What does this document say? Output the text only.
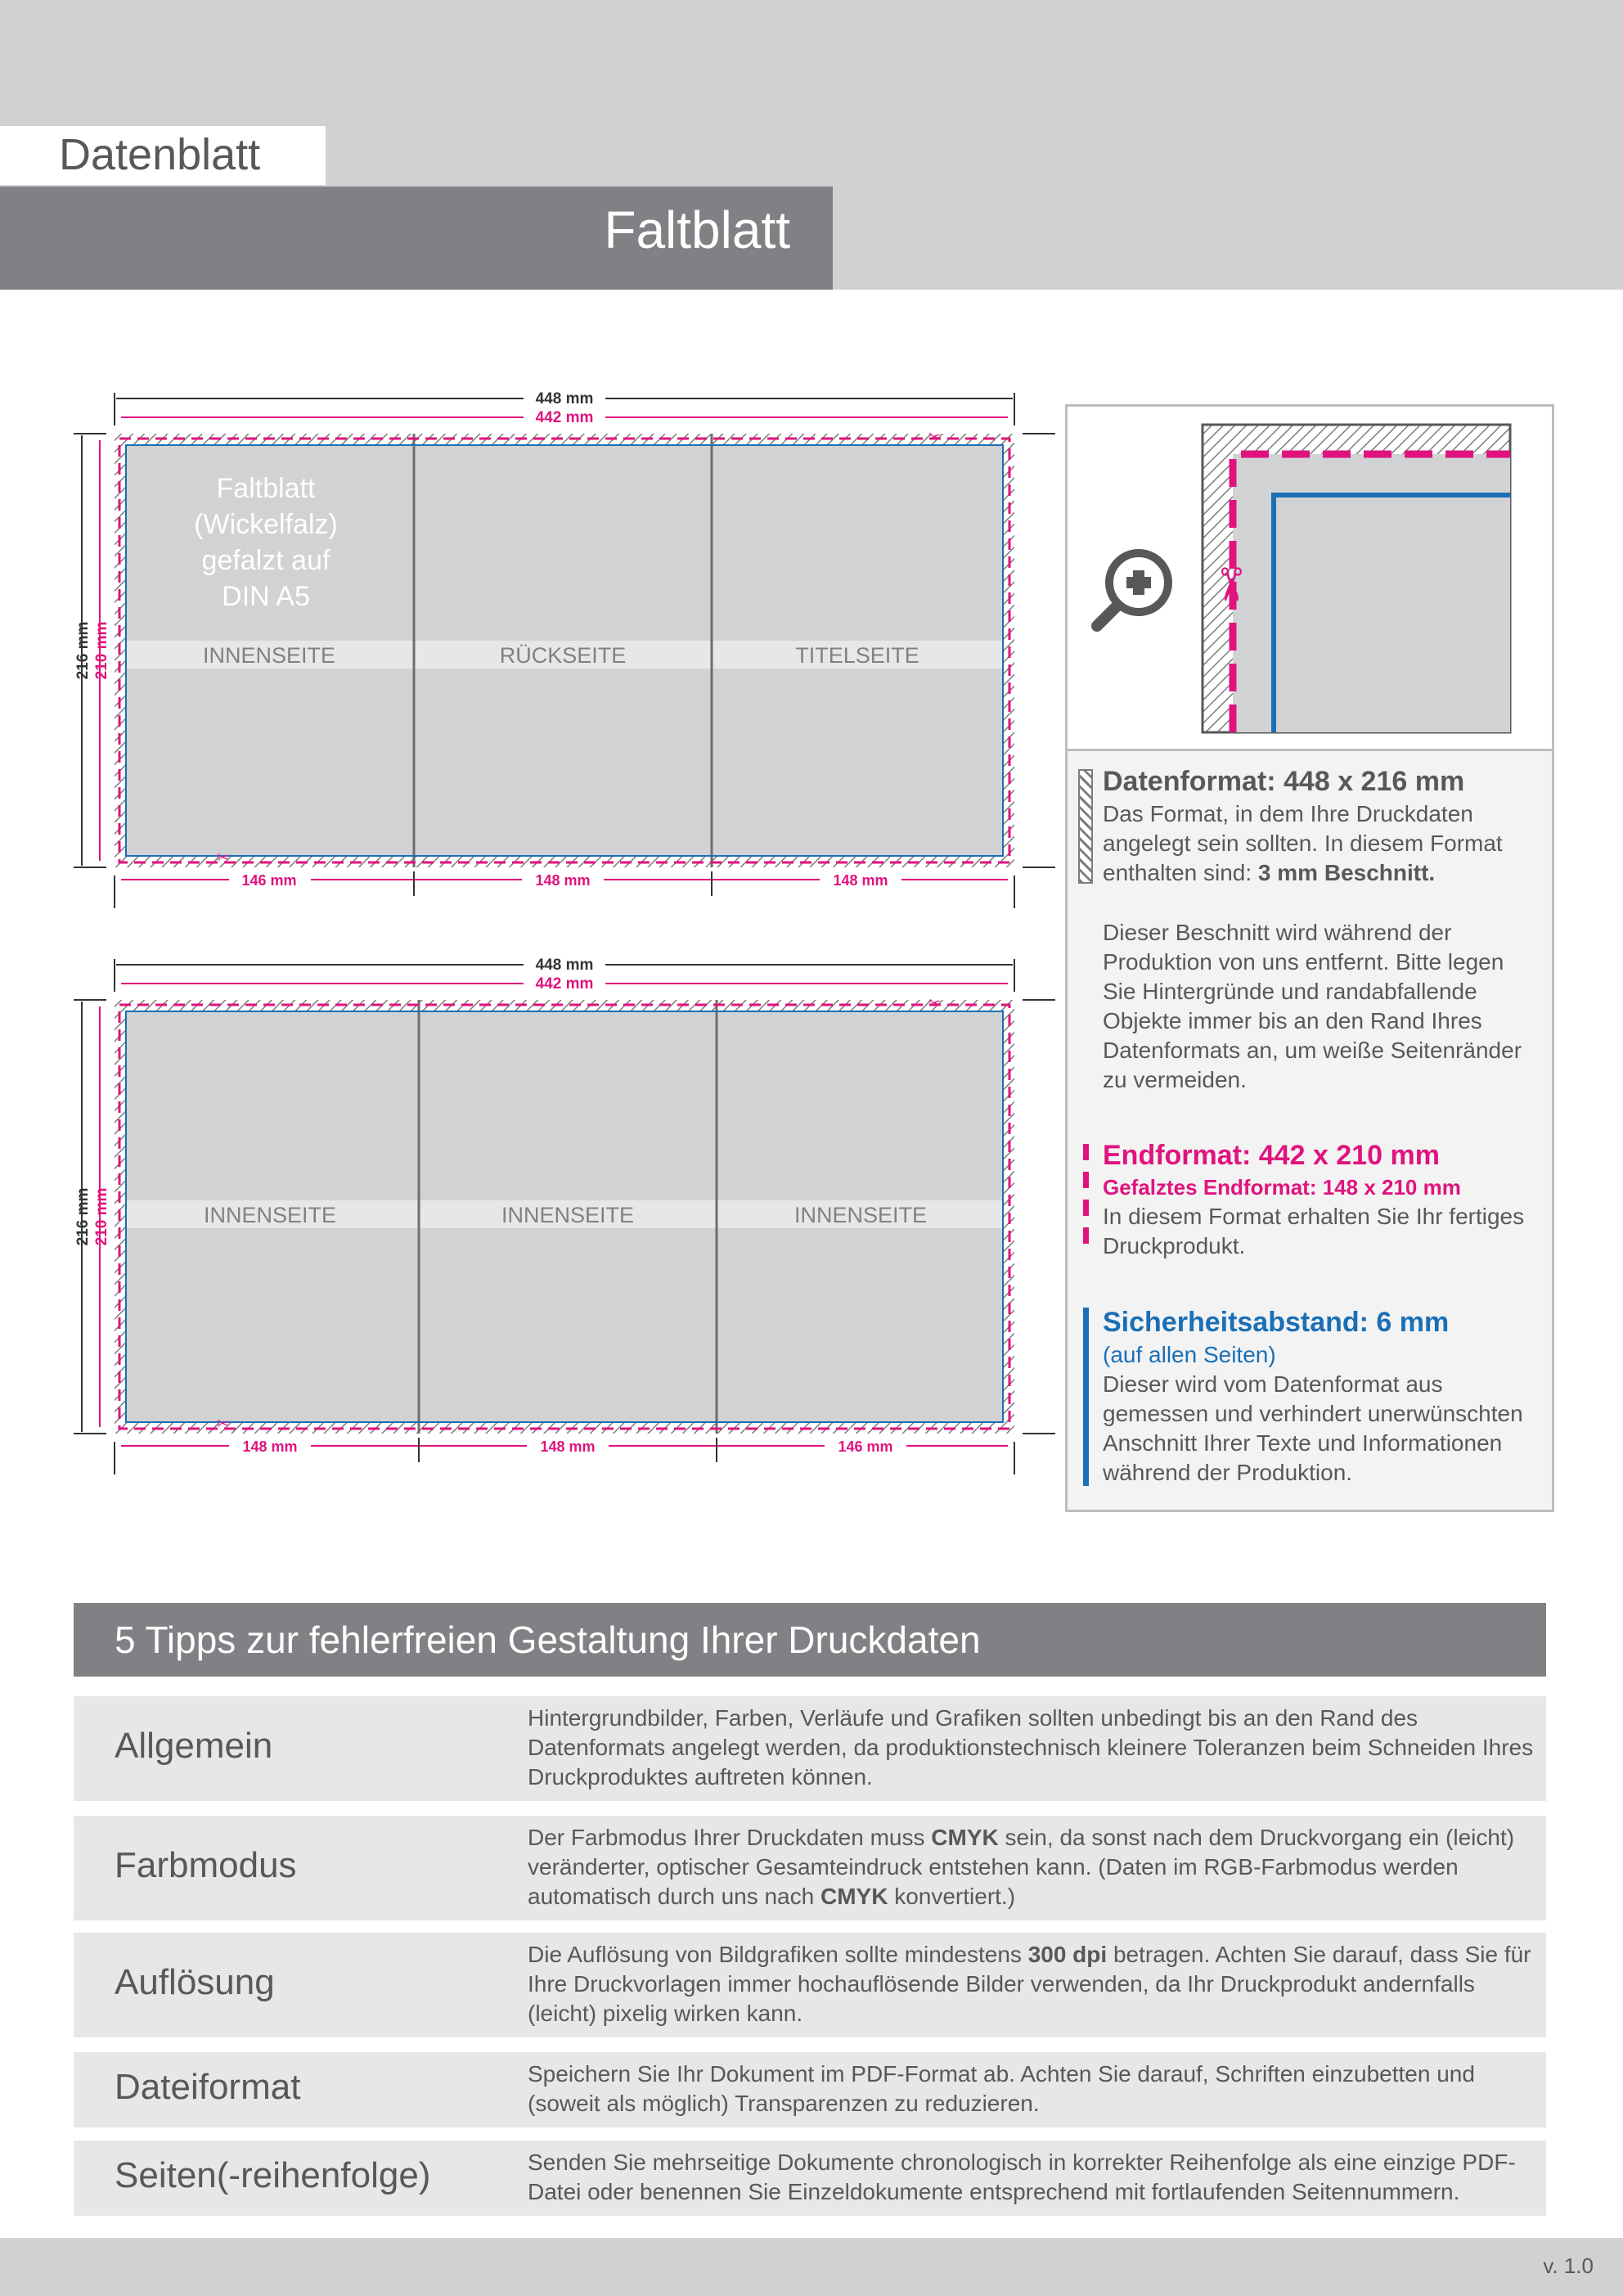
Datenblatt
Faltblatt
448 mm
442 mm
216 mm 210 mm
146 mm	148 mm	148 mm
✂
✂
Faltblatt
(Wickelfalz)
gefalzt auf
DIN A5
INNENSEITE	RÜCKSEITE	TITELSEITE
448 mm
442 mm
216 mm 210 mm
148 mm	148 mm	146 mm
✂
✂
INNENSEITE	INNENSEITE	INNENSEITE
✂
Datenformat: 448 x 216 mm
Das Format, in dem Ihre Druckdaten angelegt sein sollten. In diesem Format enthalten sind: 3 mm Beschnitt.
Dieser Beschnitt wird während der Produktion von uns entfernt. Bitte legen Sie Hintergründe und randabfallende Objekte immer bis an den Rand Ihres Datenformats an, um weiße Seitenränder zu vermeiden.
Endformat: 442 x 210 mm
Gefalztes Endformat: 148 x 210 mm
In diesem Format erhalten Sie Ihr fertiges Druckprodukt.
Sicherheitsabstand: 6 mm
(auf allen Seiten)
Dieser wird vom Datenformat aus gemessen und verhindert unerwünschten Anschnitt Ihrer Texte und Informationen während der Produktion.
5 Tipps zur fehlerfreien Gestaltung Ihrer Druckdaten
Allgemein
Hintergrundbilder, Farben, Verläufe und Grafiken sollten unbedingt bis an den Rand des Datenformats angelegt werden, da produktionstechnisch kleinere Toleranzen beim Schneiden Ihres Druckproduktes auftreten können.
Farbmodus
Der Farbmodus Ihrer Druckdaten muss CMYK sein, da sonst nach dem Druckvorgang ein (leicht) veränderter, optischer Gesamteindruck entstehen kann. (Daten im RGB-Farbmodus werden automatisch durch uns nach CMYK konvertiert.)
Auflösung
Die Auflösung von Bildgrafiken sollte mindestens 300 dpi betragen. Achten Sie darauf, dass Sie für Ihre Druckvorlagen immer hochauflösende Bilder verwenden, da Ihr Druckprodukt andernfalls (leicht) pixelig wirken kann.
Dateiformat	Speichern Sie Ihr Dokument im PDF-Format ab. Achten Sie darauf, Schriften einzubetten und (soweit als möglich) Transparenzen zu reduzieren.
Seiten(-reihenfolge)	Senden Sie mehrseitige Dokumente chronologisch in korrekter Reihenfolge als eine einzige PDF-Datei oder benennen Sie Einzeldokumente entsprechend mit fortlaufenden Seitennummern.
v. 1.0
